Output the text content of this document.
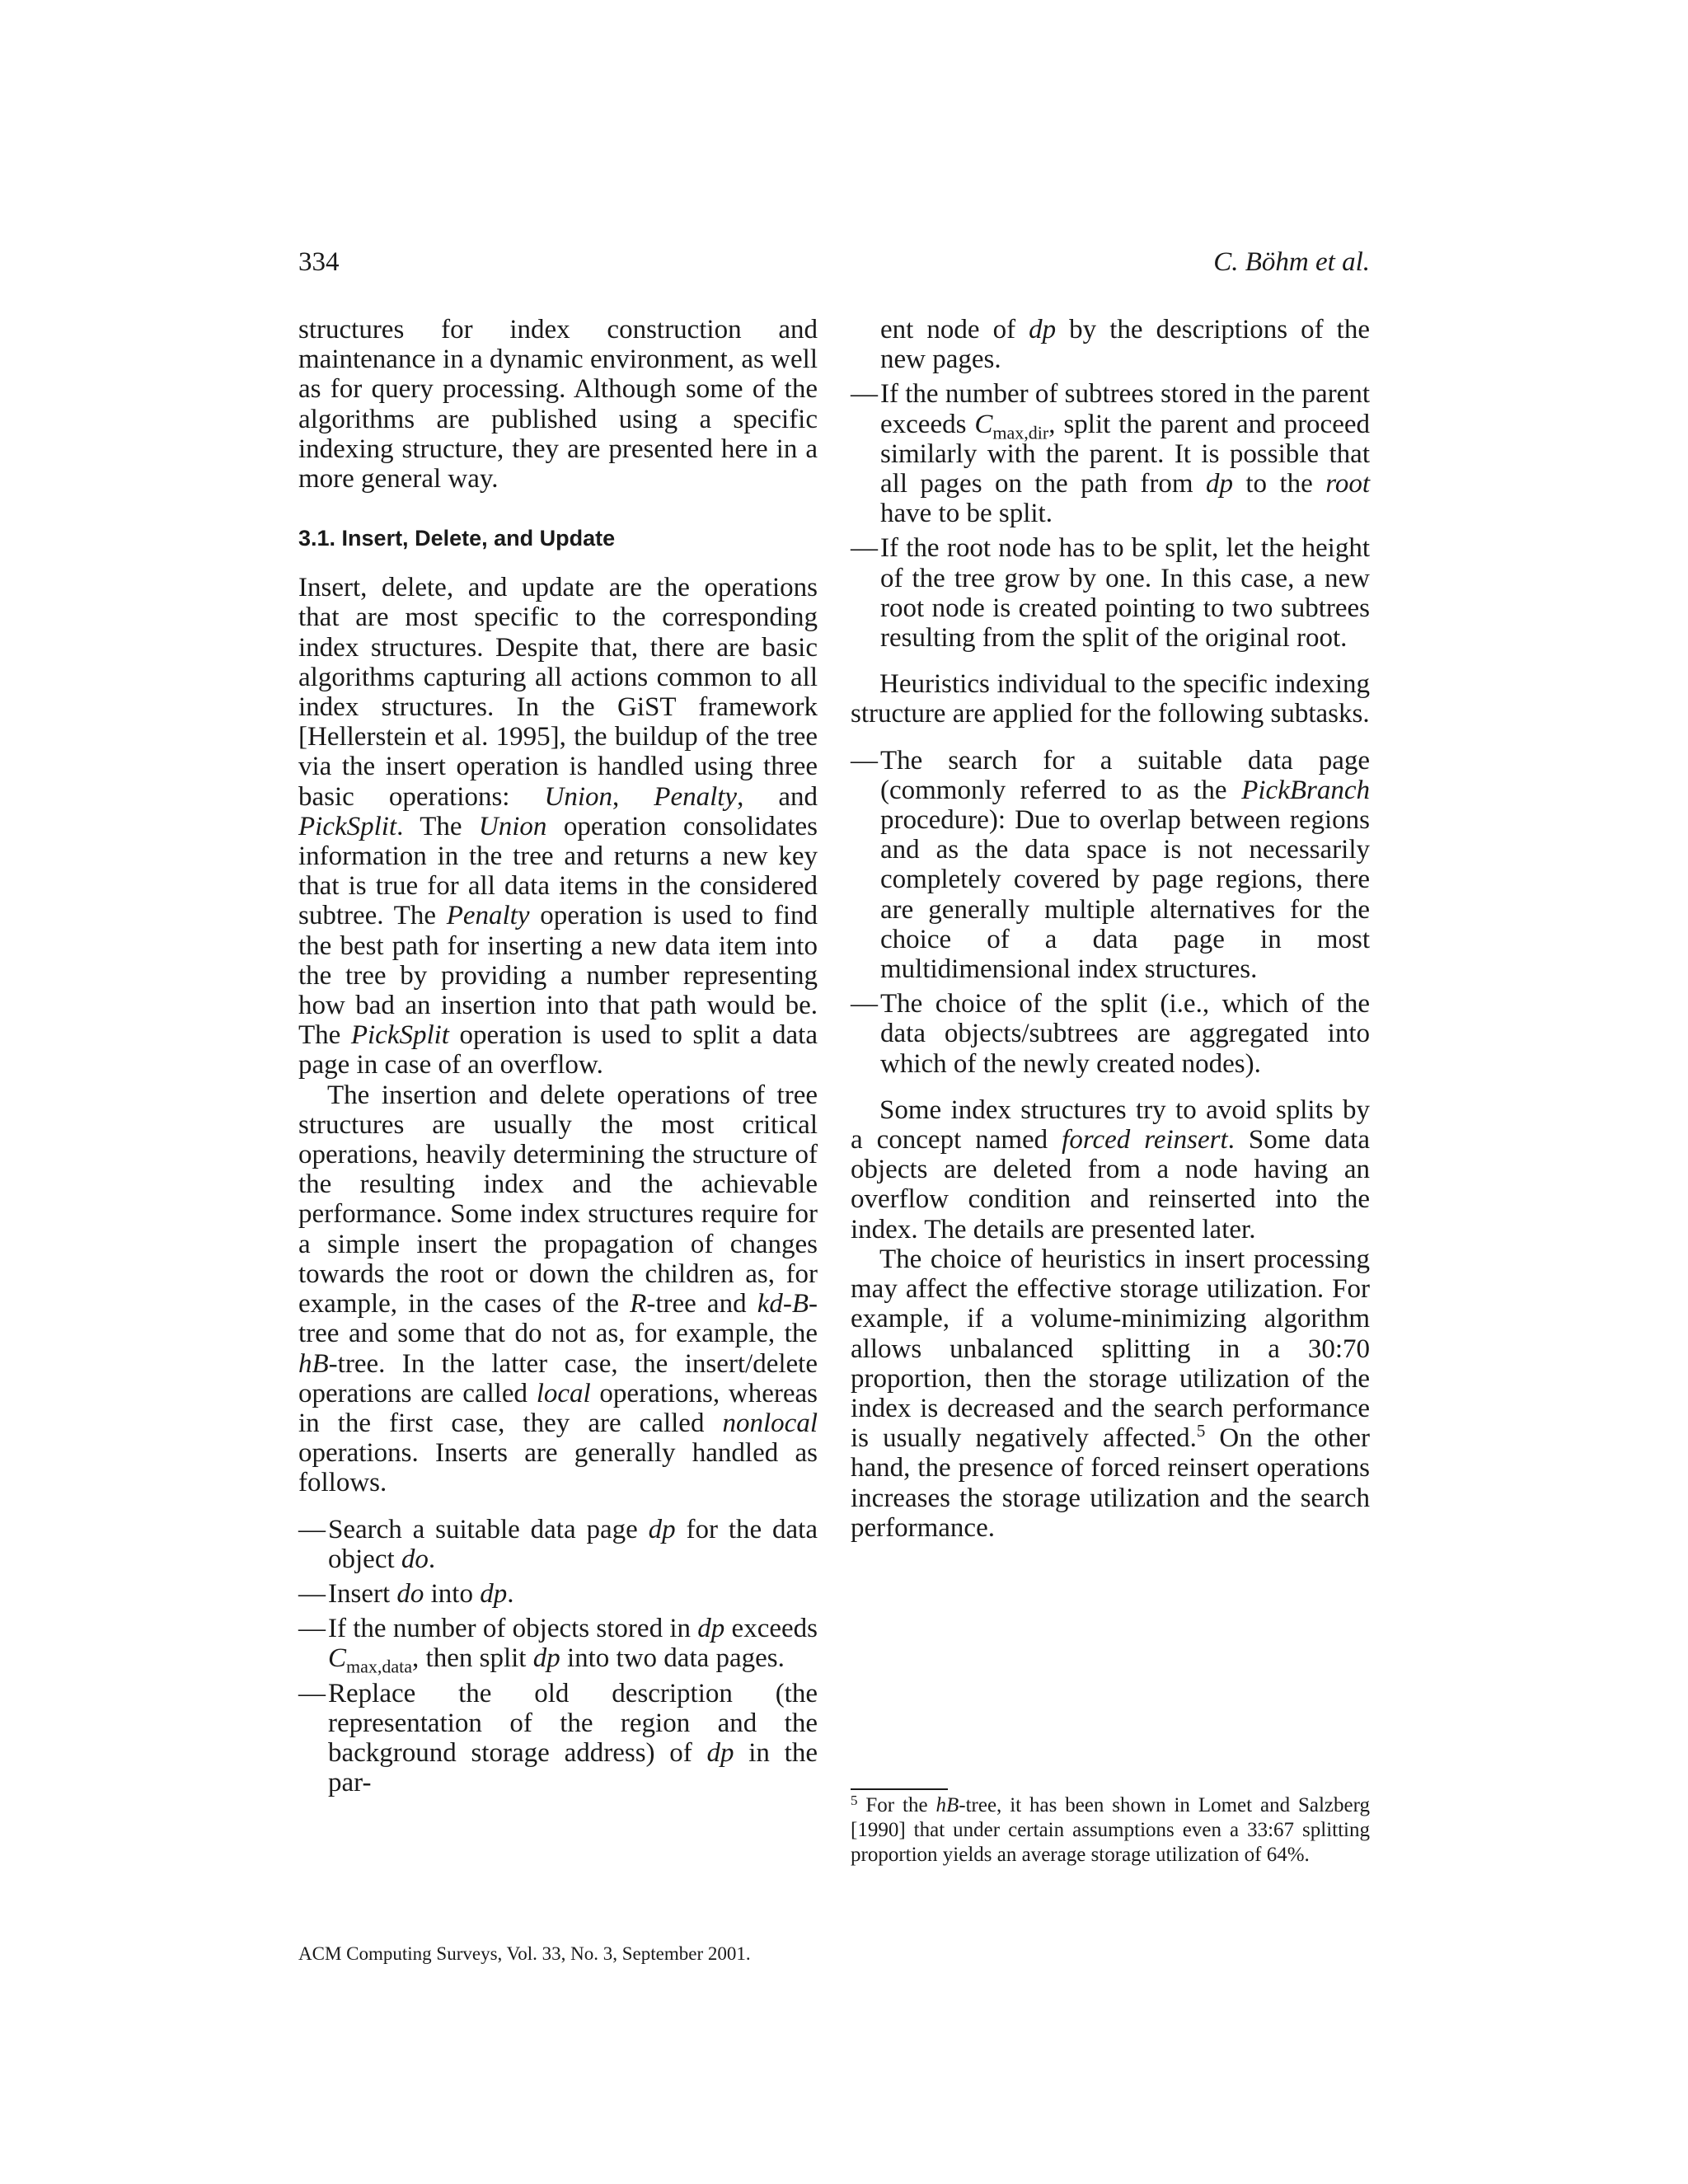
334	C. Böhm et al.

structures for index construction and maintenance in a dynamic environment, as well as for query processing. Although some of the algorithms are published using a specific indexing structure, they are presented here in a more general way.

3.1. Insert, Delete, and Update

Insert, delete, and update are the operations that are most specific to the corresponding index structures. Despite that, there are basic algorithms capturing all actions common to all index structures. In the GiST framework [Hellerstein et al. 1995], the buildup of the tree via the insert operation is handled using three basic operations: Union, Penalty, and PickSplit. The Union operation consolidates information in the tree and returns a new key that is true for all data items in the considered subtree. The Penalty operation is used to find the best path for inserting a new data item into the tree by providing a number representing how bad an insertion into that path would be. The PickSplit operation is used to split a data page in case of an overflow.

The insertion and delete operations of tree structures are usually the most critical operations, heavily determining the structure of the resulting index and the achievable performance. Some index structures require for a simple insert the propagation of changes towards the root or down the children as, for example, in the cases of the R-tree and kd-B-tree and some that do not as, for example, the hB-tree. In the latter case, the insert/delete operations are called local operations, whereas in the first case, they are called nonlocal operations. Inserts are generally handled as follows.

— Search a suitable data page dp for the data object do.
— Insert do into dp.
— If the number of objects stored in dp exceeds $C_{max,data}$, then split dp into two data pages.
— Replace the old description (the representation of the region and the background storage address) of dp in the par-
ent node of dp by the descriptions of the new pages.
— If the number of subtrees stored in the parent exceeds $C_{max,dir}$, split the parent and proceed similarly with the parent. It is possible that all pages on the path from dp to the root have to be split.
— If the root node has to be split, let the height of the tree grow by one. In this case, a new root node is created pointing to two subtrees resulting from the split of the original root.

Heuristics individual to the specific indexing structure are applied for the following subtasks.

— The search for a suitable data page (commonly referred to as the PickBranch procedure): Due to overlap between regions and as the data space is not necessarily completely covered by page regions, there are generally multiple alternatives for the choice of a data page in most multidimensional index structures.
— The choice of the split (i.e., which of the data objects/subtrees are aggregated into which of the newly created nodes).

Some index structures try to avoid splits by a concept named forced reinsert. Some data objects are deleted from a node having an overflow condition and reinserted into the index. The details are presented later.

The choice of heuristics in insert processing may affect the effective storage utilization. For example, if a volume-minimizing algorithm allows unbalanced splitting in a 30:70 proportion, then the storage utilization of the index is decreased and the search performance is usually negatively affected.$^5$ On the other hand, the presence of forced reinsert operations increases the storage utilization and the search performance.

$^5$ For the hB-tree, it has been shown in Lomet and Salzberg [1990] that under certain assumptions even a 33:67 splitting proportion yields an average storage utilization of 64%.
ACM Computing Surveys, Vol. 33, No. 3, September 2001.
